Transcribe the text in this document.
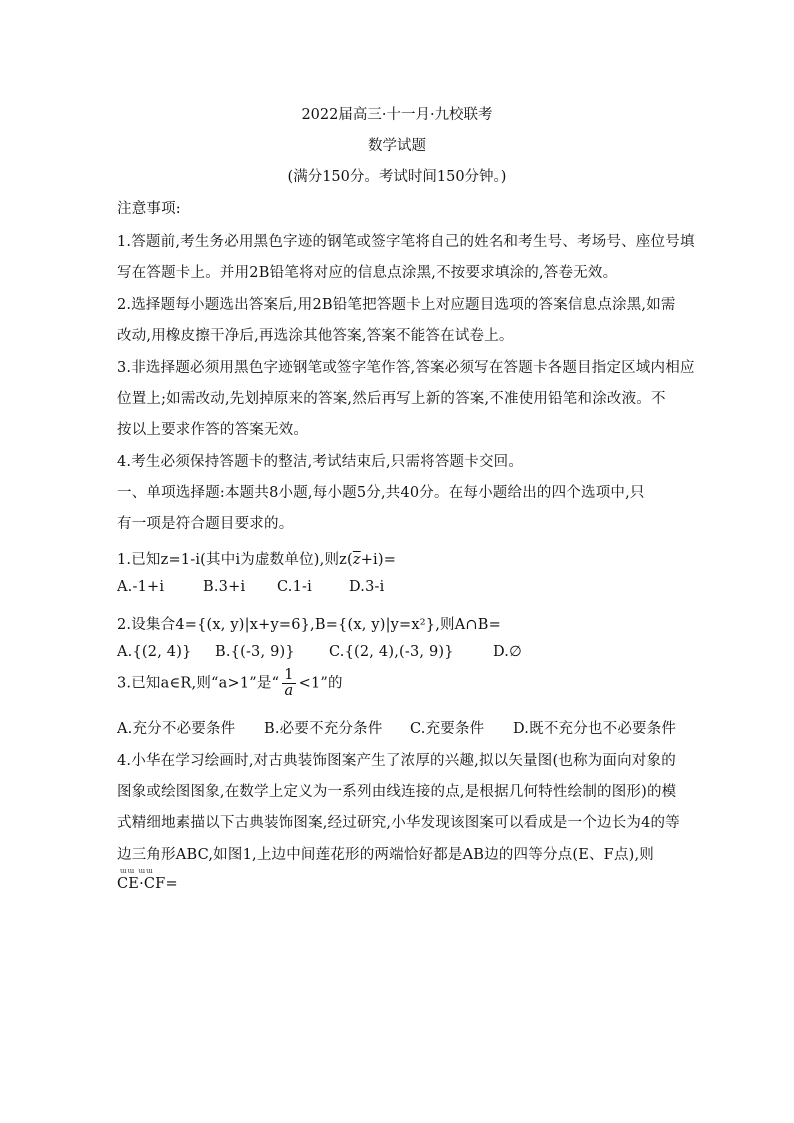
2022届高三·十一月·九校联考
数学试题
(满分150分。考试时间150分钟。)
注意事项:
1.答题前,考生务必用黑色字迹的钢笔或签字笔将自己的姓名和考生号、考场号、座位号填
写在答题卡上。并用2B铅笔将对应的信息点涂黑,不按要求填涂的,答卷无效。
2.选择题每小题选出答案后,用2B铅笔把答题卡上对应题目选项的答案信息点涂黑,如需
改动,用橡皮擦干净后,再选涂其他答案,答案不能答在试卷上。
3.非选择题必须用黑色字迹钢笔或签字笔作答,答案必须写在答题卡各题目指定区域内相应
位置上;如需改动,先划掉原来的答案,然后再写上新的答案,不准使用铅笔和涂改液。不
按以上要求作答的答案无效。
4.考生必须保持答题卡的整洁,考试结束后,只需将答题卡交回。
一、单项选择题:本题共8小题,每小题5分,共40分。在每小题给出的四个选项中,只
有一项是符合题目要求的。
1.已知z=1-i(其中i为虚数单位),则$z(\overline{z}+i)=$
A.-1+i	B.3+i C.1-i	D.3-i
2.设集合4={(x, y)|x+y=6},B={(x, y)|y=x²},则A∩B=
A.{(2, 4)} B.{(-3, 9)} C.{(2, 4),(-3, 9)}	D.∅
3.已知a∈R,则“a>1”是“ $\frac{1}{a} <1$”的
A.充分不必要条件 B.必要不充分条件 C.充要条件 D.既不充分也不必要条件
4.小华在学习绘画时,对古典装饰图案产生了浓厚的兴趣,拟以矢量图(也称为面向对象的
图象或绘图图象,在数学上定义为一系列由线连接的点,是根据几何特性绘制的图形)的模
式精细地素描以下古典装饰图案,经过研究,小华发现该图案可以看成是一个边长为4的等
边三角形ABC,如图1,上边中间莲花形的两端恰好都是AB边的四等分点(E、F点),则
ɯɯ ɯɯ
CE·CF=
